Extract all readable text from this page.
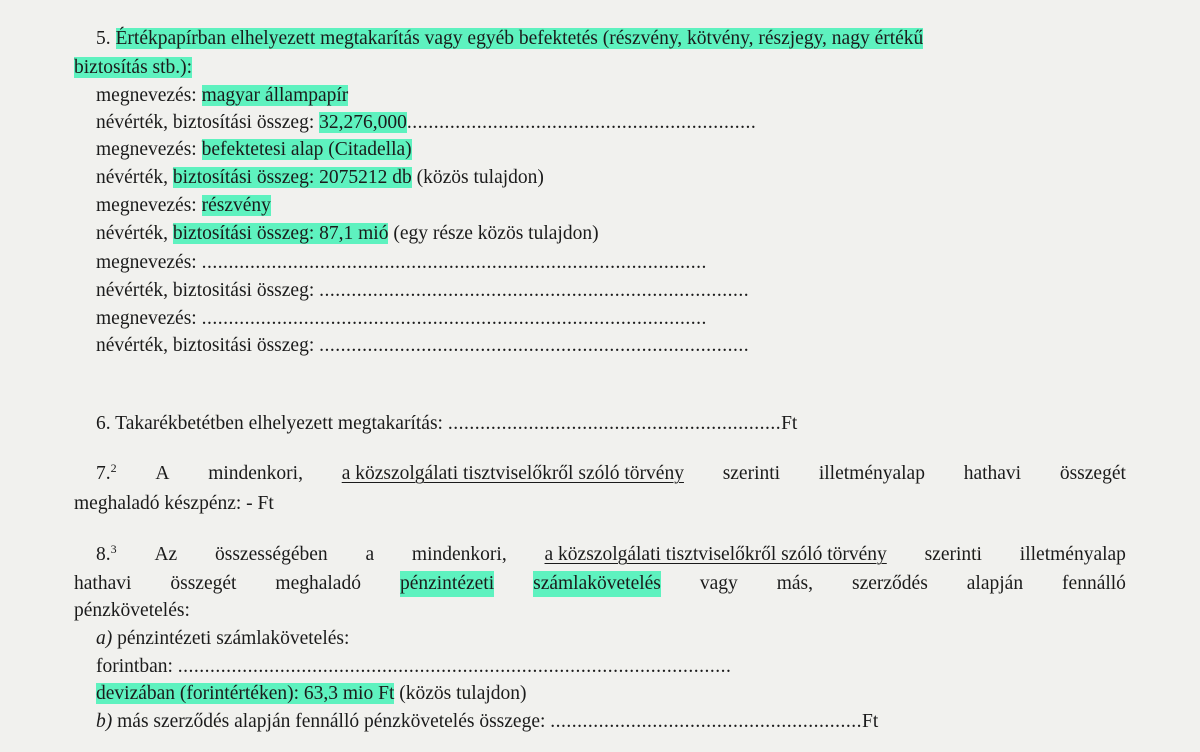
5. Értékpapírban elhelyezett megtakarítás vagy egyéb befektetés (részvény, kötvény, részjegy, nagy értékű
biztosítás stb.):
megnevezés: magyar állampapír
névérték, biztosítási összeg: 32,276,000.................................................................
megnevezés: befektetesi alap (Citadella)
névérték, biztosítási összeg: 2075212 db (közös tulajdon)
megnevezés: részvény
névérték, biztosítási összeg: 87,1 mió (egy része közös tulajdon)
megnevezés: ..............................................................................................
névérték, biztositási összeg: ................................................................................
megnevezés: ..............................................................................................
névérték, biztositási összeg: ................................................................................
6. Takarékbetétben elhelyezett megtakarítás: ..............................................................Ft
7.$^2$ A mindenkori, a közszolgálati tisztviselőkről szóló törvény szerinti illetményalap hathavi összegét
meghaladó készpénz: - Ft
8.$^3$ Az összességében a mindenkori, a közszolgálati tisztviselőkről szóló törvény szerinti illetményalap
hathavi összegét meghaladó pénzintézeti számlakövetelés vagy más, szerződés alapján fennálló
pénzkövetelés:
a) pénzintézeti számlakövetelés:
forintban: .......................................................................................................
devizában (forintértéken): 63,3 mio Ft (közös tulajdon)
b) más szerződés alapján fennálló pénzkövetelés összege: ..........................................................Ft
